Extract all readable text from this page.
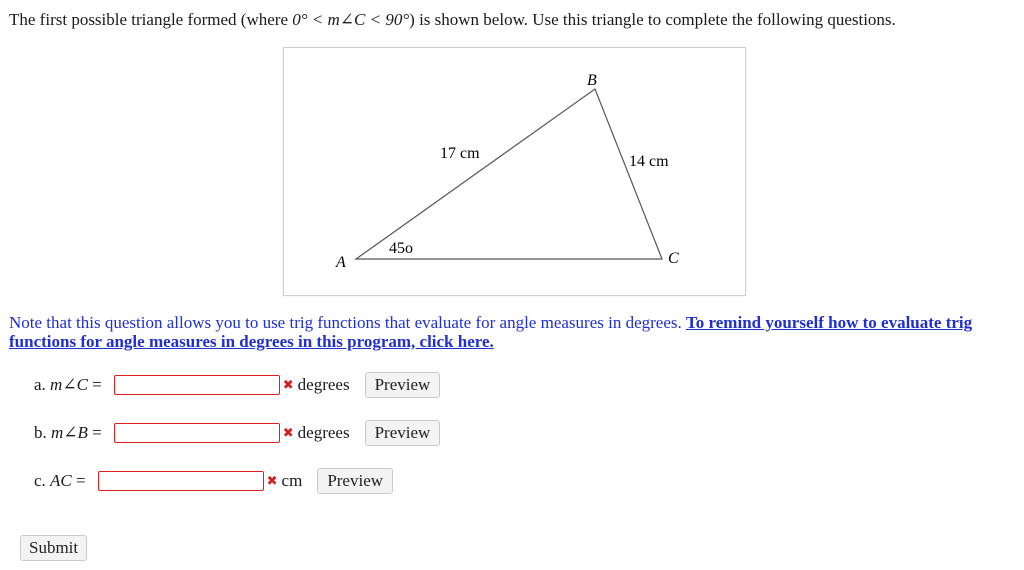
The first possible triangle formed (where 0° < m∠C < 90°) is shown below. Use this triangle to complete the following questions.
A
B
C
17 cm	14 cm
45o
Note that this question allows you to use trig functions that evaluate for angle measures in degrees. To remind yourself how to evaluate trig functions for angle measures in degrees in this program, click here.
a. m∠C =	✖ degrees	Preview
b. m∠B =	✖ degrees	Preview
c. AC =	✖ cm	Preview
Submit
